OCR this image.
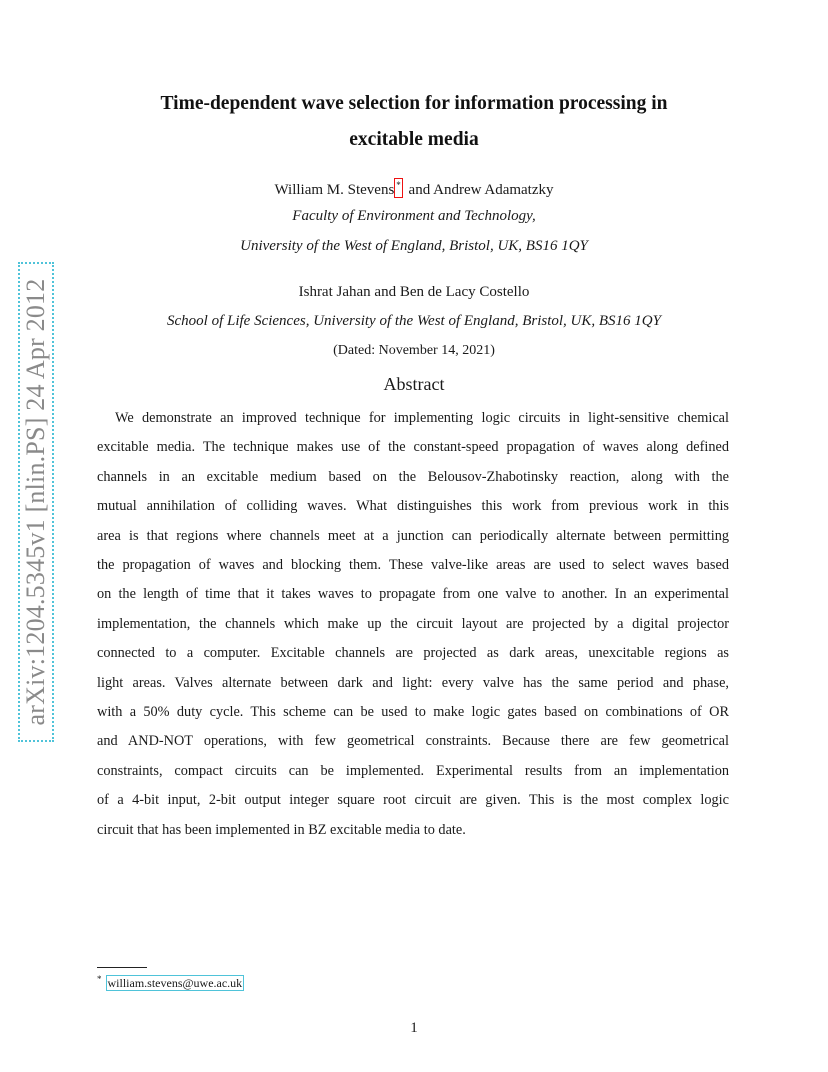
arXiv:1204.5345v1 [nlin.PS] 24 Apr 2012
Time-dependent wave selection for information processing in
excitable media
William M. Stevens * and Andrew Adamatzky
Faculty of Environment and Technology,
University of the West of England, Bristol, UK, BS16 1QY
Ishrat Jahan and Ben de Lacy Costello
School of Life Sciences, University of the West of England, Bristol, UK, BS16 1QY
(Dated: November 14, 2021)
Abstract
We demonstrate an improved technique for implementing logic circuits in light-sensitive chemical
excitable media. The technique makes use of the constant-speed propagation of waves along defined
channels in an excitable medium based on the Belousov-Zhabotinsky reaction, along with the
mutual annihilation of colliding waves. What distinguishes this work from previous work in this
area is that regions where channels meet at a junction can periodically alternate between permitting
the propagation of waves and blocking them. These valve-like areas are used to select waves based
on the length of time that it takes waves to propagate from one valve to another. In an experimental
implementation, the channels which make up the circuit layout are projected by a digital projector
connected to a computer. Excitable channels are projected as dark areas, unexcitable regions as
light areas. Valves alternate between dark and light: every valve has the same period and phase,
with a 50% duty cycle. This scheme can be used to make logic gates based on combinations of OR
and AND-NOT operations, with few geometrical constraints. Because there are few geometrical
constraints, compact circuits can be implemented. Experimental results from an implementation
of a 4-bit input, 2-bit output integer square root circuit are given. This is the most complex logic
circuit that has been implemented in BZ excitable media to date.
* william.stevens@uwe.ac.uk
1
